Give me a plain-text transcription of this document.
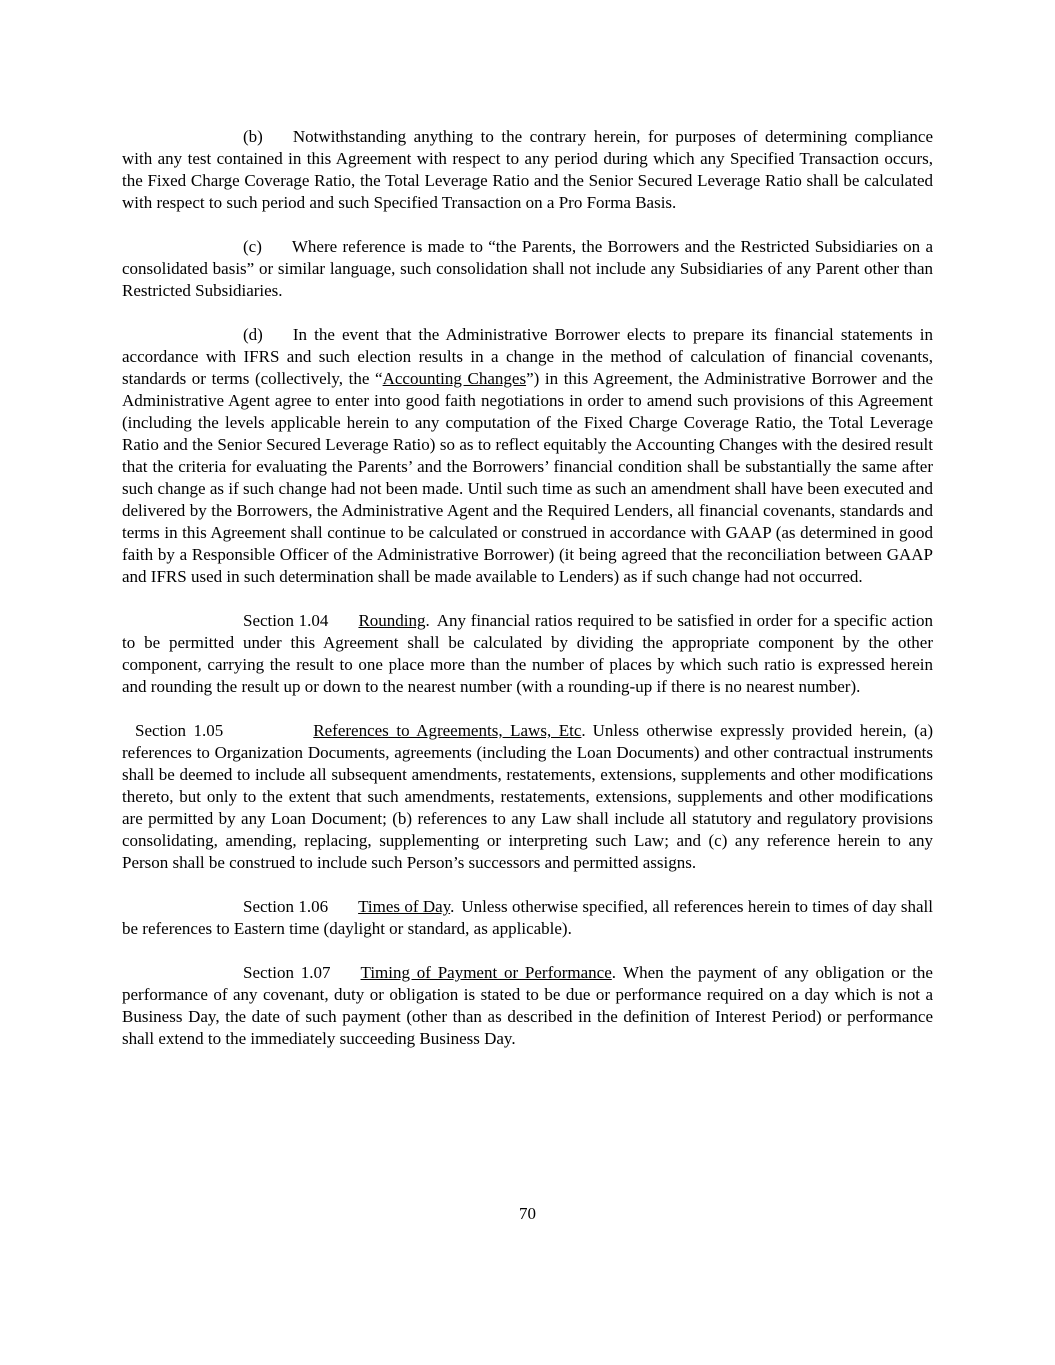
(b) Notwithstanding anything to the contrary herein, for purposes of determining compliance with any test contained in this Agreement with respect to any period during which any Specified Transaction occurs, the Fixed Charge Coverage Ratio, the Total Leverage Ratio and the Senior Secured Leverage Ratio shall be calculated with respect to such period and such Specified Transaction on a Pro Forma Basis.

(c) Where reference is made to “the Parents, the Borrowers and the Restricted Subsidiaries on a consolidated basis” or similar language, such consolidation shall not include any Subsidiaries of any Parent other than Restricted Subsidiaries.

(d) In the event that the Administrative Borrower elects to prepare its financial statements in accordance with IFRS and such election results in a change in the method of calculation of financial covenants, standards or terms (collectively, the “Accounting Changes”) in this Agreement, the Administrative Borrower and the Administrative Agent agree to enter into good faith negotiations in order to amend such provisions of this Agreement (including the levels applicable herein to any computation of the Fixed Charge Coverage Ratio, the Total Leverage Ratio and the Senior Secured Leverage Ratio) so as to reflect equitably the Accounting Changes with the desired result that the criteria for evaluating the Parents’ and the Borrowers’ financial condition shall be substantially the same after such change as if such change had not been made. Until such time as such an amendment shall have been executed and delivered by the Borrowers, the Administrative Agent and the Required Lenders, all financial covenants, standards and terms in this Agreement shall continue to be calculated or construed in accordance with GAAP (as determined in good faith by a Responsible Officer of the Administrative Borrower) (it being agreed that the reconciliation between GAAP and IFRS used in such determination shall be made available to Lenders) as if such change had not occurred.

Section 1.04 Rounding. Any financial ratios required to be satisfied in order for a specific action to be permitted under this Agreement shall be calculated by dividing the appropriate component by the other component, carrying the result to one place more than the number of places by which such ratio is expressed herein and rounding the result up or down to the nearest number (with a rounding-up if there is no nearest number).

Section 1.05	References to Agreements, Laws, Etc. Unless otherwise expressly provided herein, (a) references to Organization Documents, agreements (including the Loan Documents) and other contractual instruments shall be deemed to include all subsequent amendments, restatements, extensions, supplements and other modifications thereto, but only to the extent that such amendments, restatements, extensions, supplements and other modifications are permitted by any Loan Document; (b) references to any Law shall include all statutory and regulatory provisions consolidating, amending, replacing, supplementing or interpreting such Law; and (c) any reference herein to any Person shall be construed to include such Person’s successors and permitted assigns.

Section 1.06 Times of Day. Unless otherwise specified, all references herein to times of day shall be references to Eastern time (daylight or standard, as applicable).

Section 1.07 Timing of Payment or Performance. When the payment of any obligation or the performance of any covenant, duty or obligation is stated to be due or performance required on a day which is not a Business Day, the date of such payment (other than as described in the definition of Interest Period) or performance shall extend to the immediately succeeding Business Day.

70
